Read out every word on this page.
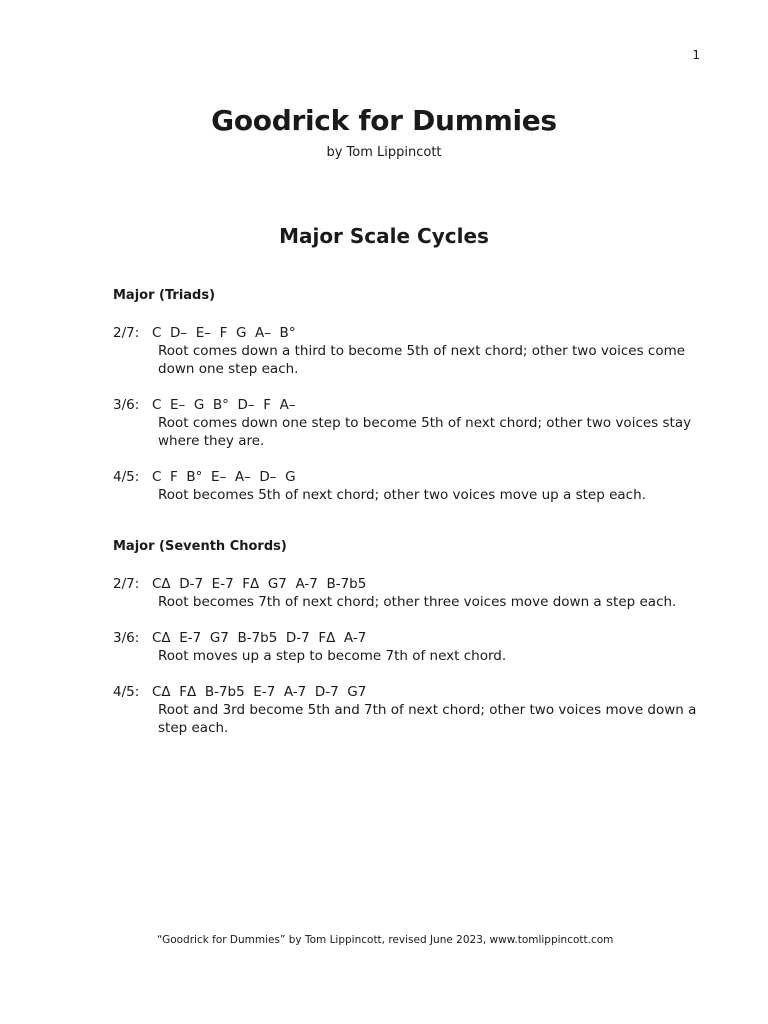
1
Goodrick for Dummies
by Tom Lippincott
Major Scale Cycles
Major (Triads)
2/7: C  D–  E–  F  G  A–  B°
Root comes down a third to become 5th of next chord; other two voices come down one step each.
3/6: C  E–  G  B°  D–  F  A–
Root comes down one step to become 5th of next chord; other two voices stay where they are.
4/5: C  F  B°  E–  A–  D–  G
Root becomes 5th of next chord; other two voices move up a step each.
Major (Seventh Chords)
2/7: CΔ  D-7  E-7  FΔ  G7  A-7  B-7b5
Root becomes 7th of next chord; other three voices move down a step each.
3/6: CΔ  E-7  G7  B-7b5  D-7  FΔ  A-7
Root moves up a step to become 7th of next chord.
4/5: CΔ  FΔ  B-7b5  E-7  A-7  D-7  G7
Root and 3rd become 5th and 7th of next chord; other two voices move down a step each.
“Goodrick for Dummies” by Tom Lippincott, revised June 2023, www.tomlippincott.com
